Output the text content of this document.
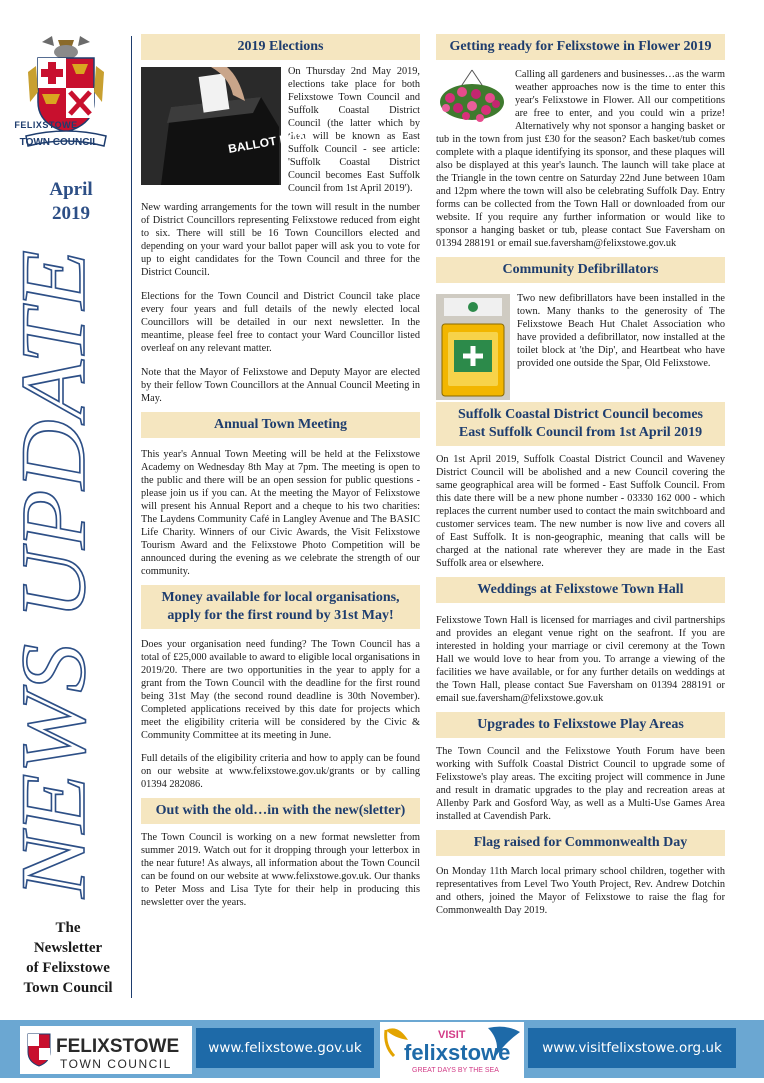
FELIXSTOWE
TOWN COUNCIL
April
2019
NEWS UPDATE
The
Newsletter
of Felixstowe
Town Council
2019 Elections

BALLOT BOX
On Thursday 2nd May 2019, elections take place for both Felixstowe Town Council and Suffolk Coastal District Council (the latter which by then will be known as East Suffolk Council - see article: 'Suffolk Coastal District Council becomes East Suffolk Council from 1st April 2019').

New warding arrangements for the town will result in the number of District Councillors representing Felixstowe reduced from eight to six. There will still be 16 Town Councillors elected and depending on your ward your ballot paper will ask you to vote for up to eight candidates for the Town Council and three for the District Council.

Elections for the Town Council and District Council take place every four years and full details of the newly elected local Councillors will be detailed in our next newsletter. In the meantime, please feel free to contact your Ward Councillor listed overleaf on any relevant matter.

Note that the Mayor of Felixstowe and Deputy Mayor are elected by their fellow Town Councillors at the Annual Council Meeting in May.

Annual Town Meeting

This year's Annual Town Meeting will be held at the Felixstowe Academy on Wednesday 8th May at 7pm. The meeting is open to the public and there will be an open session for public questions - please join us if you can. At the meeting the Mayor of Felixstowe will present his Annual Report and a cheque to his two charities: The Laydens Community Café in Langley Avenue and The BASIC Life Charity. Winners of our Civic Awards, the Visit Felixstowe Tourism Award and the Felixstowe Photo Competition will be announced during the evening as we celebrate the strength of our community.

Money available for local organisations,
apply for the first round by 31st May!

Does your organisation need funding? The Town Council has a total of £25,000 available to award to eligible local organisations in 2019/20. There are two opportunities in the year to apply for a grant from the Town Council with the deadline for the first round being 31st May (the second round deadline is 30th November). Completed applications received by this date for projects which meet the eligibility criteria will be considered by the Civic & Community Committee at its meeting in June.

Full details of the eligibility criteria and how to apply can be found on our website at www.felixstowe.gov.uk/grants or by calling 01394 282086.

Out with the old…in with the new(sletter)

The Town Council is working on a new format newsletter from summer 2019. Watch out for it dropping through your letterbox in the near future! As always, all information about the Town Council can be found on our website at www.felixstowe.gov.uk. Our thanks to Peter Moss and Lisa Tyte for their help in producing this newsletter over the years.

Getting ready for Felixstowe in Flower 2019

Calling all gardeners and businesses…as the warm weather approaches now is the time to enter this year's Felixstowe in Flower. All our competitions are free to enter, and you could win a prize! Alternatively why not sponsor a hanging basket or tub in the town from just £30 for the season? Each basket/tub comes complete with a plaque identifying its sponsor, and these plaques will also be displayed at this year's launch. The launch will take place at the Triangle in the town centre on Saturday 22nd June between 10am and 12pm where the town will also be celebrating Suffolk Day. Entry forms can be collected from the Town Hall or downloaded from our website. If you require any further information or would like to sponsor a hanging basket or tub, please contact Sue Faversham on 01394 288191 or email sue.faversham@felixstowe.gov.uk

Community Defibrillators

Two new defibrillators have been installed in the town. Many thanks to the generosity of The Felixstowe Beach Hut Chalet Association who have provided a defibrillator, now installed at the toilet block at 'the Dip', and Heartbeat who have provided one outside the Spar, Old Felixstowe.

Suffolk Coastal District Council becomes
East Suffolk Council from 1st April 2019

On 1st April 2019, Suffolk Coastal District Council and Waveney District Council will be abolished and a new Council covering the same geographical area will be formed - East Suffolk Council. From this date there will be a new phone number - 03330 162 000 - which replaces the current number used to contact the main switchboard and customer services team. The new number is now live and covers all of East Suffolk. It is non-geographic, meaning that calls will be charged at the national rate wherever they are made in the East Suffolk area or elsewhere.

Weddings at Felixstowe Town Hall

Felixstowe Town Hall is licensed for marriages and civil partnerships and provides an elegant venue right on the seafront. If you are interested in holding your marriage or civil ceremony at the Town Hall we would love to hear from you. To arrange a viewing of the facilities we have available, or for any further details on weddings at the Town Hall, please contact Sue Faversham on 01394 288191 or email sue.faversham@felixstowe.gov.uk

Upgrades to Felixstowe Play Areas

The Town Council and the Felixstowe Youth Forum have been working with Suffolk Coastal District Council to upgrade some of Felixstowe's play areas. The exciting project will commence in June and result in dramatic upgrades to the play and recreation areas at Allenby Park and Gosford Way, as well as a Multi-Use Games Area installed at Cavendish Park.

Flag raised for Commonwealth Day

On Monday 11th March local primary school children, together with representatives from Level Two Youth Project, Rev. Andrew Dotchin and others, joined the Mayor of Felixstowe to raise the flag for Commonwealth Day 2019.

FELIXSTOWE
TOWN COUNCIL
www.felixstowe.gov.uk
VISIT
felixstowe
GREAT DAYS BY THE SEA
www.visitfelixstowe.org.uk
